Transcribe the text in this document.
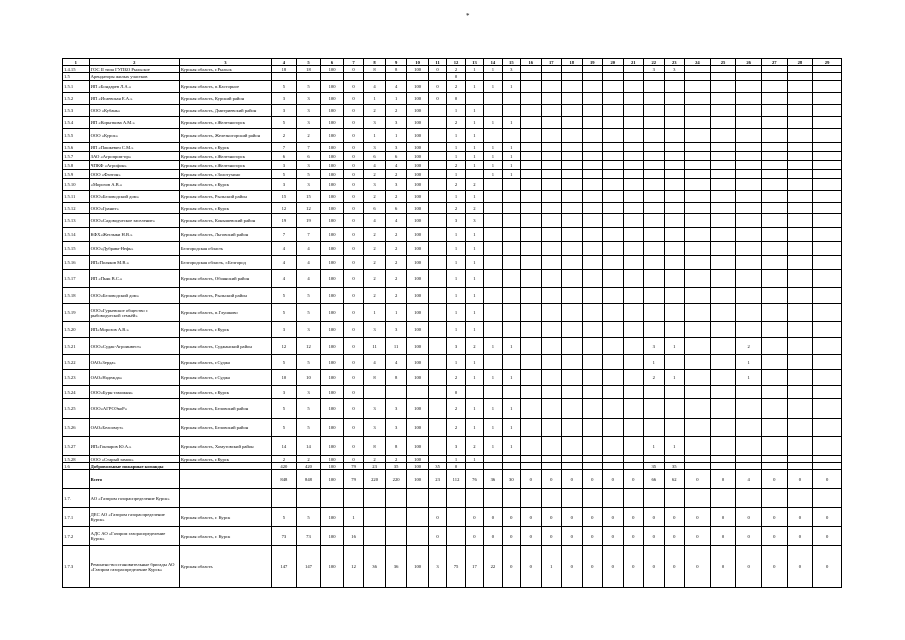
*
1	2	3	4	5	6	7	8	9	10	11	12	13	14	15	16	17	18	19	20	21	22	23	24	25	26	27	28	29
1.4.15	ГОС II типа ГУПБО Рыльское	Курская область, г.Рыльск	18	18	100	0	8	8	100	0	2	1	1	3							3	3						
1.5	Арендаторы жилых участков										0																	
1.5.1	ИП «Бондарев Л.А.»	Курская область, п.Касторное	5	5	100	0	4	4	100	0	2	1	1	1														
1.5.2	ИП «Исаевская Е.А.»	Курская область, Курский район	3	3	100	0	1	1	100	0	0																	
1.5.3	ООО «Кубань»	Курская область, Дмитриевский район	3	3	100	0	2	2	100		1	1																
1.5.4	ИП «Корыткова А.М.»	Курская область, г.Железногорск	5	3	100	0	3	3	100		2	1	1	1														
1.5.5	ООО «Курск»	Курская область, Железногорский район	2	2	100	0	1	1	100		1	1																
1.5.6	ИП «Пашкевич С.М.»	Курская область, г.Курск	7	7	100	0	3	3	100		1	1	1	1														
1.5.7	ЗАО «Агропром-пр»	Курская область, г.Железногорск	6	6	100	0	6	6	100		1	1	1	1														
1.5.8	ЧПКФ «Агрофон»	Курская область, г.Железногорск	3	3	100	0	4	4	100		2	1	1	1														
1.5.9	ООО «Фаэтон»	Курская область, г.Золотухино	5	5	100	0	2	2	100		1		1	1														
1.5.10	«Морозов А.В.»	Курская область, г.Курск	3	3	100	0	3	3	100		2	2																
1.5.11	ООО«Беловодский дом»	Курская область, Рыльский район	15	15	100	0	2	2	100		1	1																
1.5.12	ООО«Гранит»	Курская область, г.Курск	12	12	100	0	6	6	100		2	2																
1.5.13	ООО«Садоводческое заселение»	Курская область, Конышевский район	19	19	100	0	4	4	100		3	3																
1.5.14	КФХ«Жеглыки Н.В.»	Курская область, Льговский район	7	7	100	0	2	2	100		1	1																
1.5.15	ООО«Дубрава-Нефь»	Белгородская область	4	4	100	0	2	2	100		1	1																
1.5.16	ИП«Поляков М.В.»	Белгородская область, г.Белгород	4	4	100	0	2	2	100		1	1																
1.5.17	ИП «Пьяк В.С.»	Курская область, Обоянский район	4	4	100	0	2	2	100		1	1																
1.5.18	ООО«Беловодский дом»	Курская область, Рыльский район	5	5	100	0	2	2	100		1	1																
1.5.19	ООО«Гурьевское общество с рыбоводческой семьёй»	Курская область, п.Глушково	5	5	100	0	1	1	100		1	1																
1.5.20	ИП«Морозов А.В.»	Курская область, г.Курск	3	3	100	0	3	3	100		1	1																
1.5.21	ООО«Судак-Агроинвест»	Курская область, Суджанский район	12	12	100	0	11	11	100		3	2	1	1							3	1			2			
1.5.22	ОАО«Зерда»	Курская область, г.Суджа	5	5	100	0	4	4	100		1	1									1				1			
1.5.23	ОАО«Надежда»	Курская область, г.Суджа	10	10	100	0	8	8	100		2	1	1	1							2	1			1			
1.5.24	ООО«Бурн таможня»	Курская область, г.Курск	3	3	100	0					0																	
1.5.25	ООО«АГРОЭкоР»	Курская область, Беловский район	5	5	100	0	3	3	100		2	1	1	1														
1.5.26	ОАО«Белоомут»	Курская область, Беловский район	5	5	100	0	3	3	100		2	1	1	1														
1.5.27	ИП«Гончаров Ю.А.»	Курская область, Хомутовский район	14	14	100	0	8	8	100		3	2	1	1							1	1						
1.5.28	ООО «Старый замок»	Курская область, г.Курск	2	2	100	0	2	2	100		1	1																
1.6	Добровольные пожарные команды		420	420	100	79	23	35	100	35	0										35	35						
	Всего		848	848	100	79	220	220	100	23	112	76	36	30	0	0	0	0	0	0	66	62	0	0	4	0	0	0
1.7.	АО «Газпром газораспределение Курск»																											
1.7.1	ДЕС АО «Газпром газораспределение Курск»	Курская область, г. Курск	5	5	100	1				0		0	0	0	0	0	0	0	0	0	0	0	0	0	0	0	0	0
1.7.2	АДС АО «Газпром газораспределение Курск»	Курская область, г. Курск	73	73	100	16				0		0	0	0	0	0	0	0	0	0	0	0	0	0	0	0	0	0
1.7.3	Ремонтно-восстановительные бригады АО «Газпром газораспределение Курск»	Курская область	147	147	100	12	36	36	100	3	75	17	22	0	0	1	0	0	0	0	0	0	0	0	0	0	0	0
